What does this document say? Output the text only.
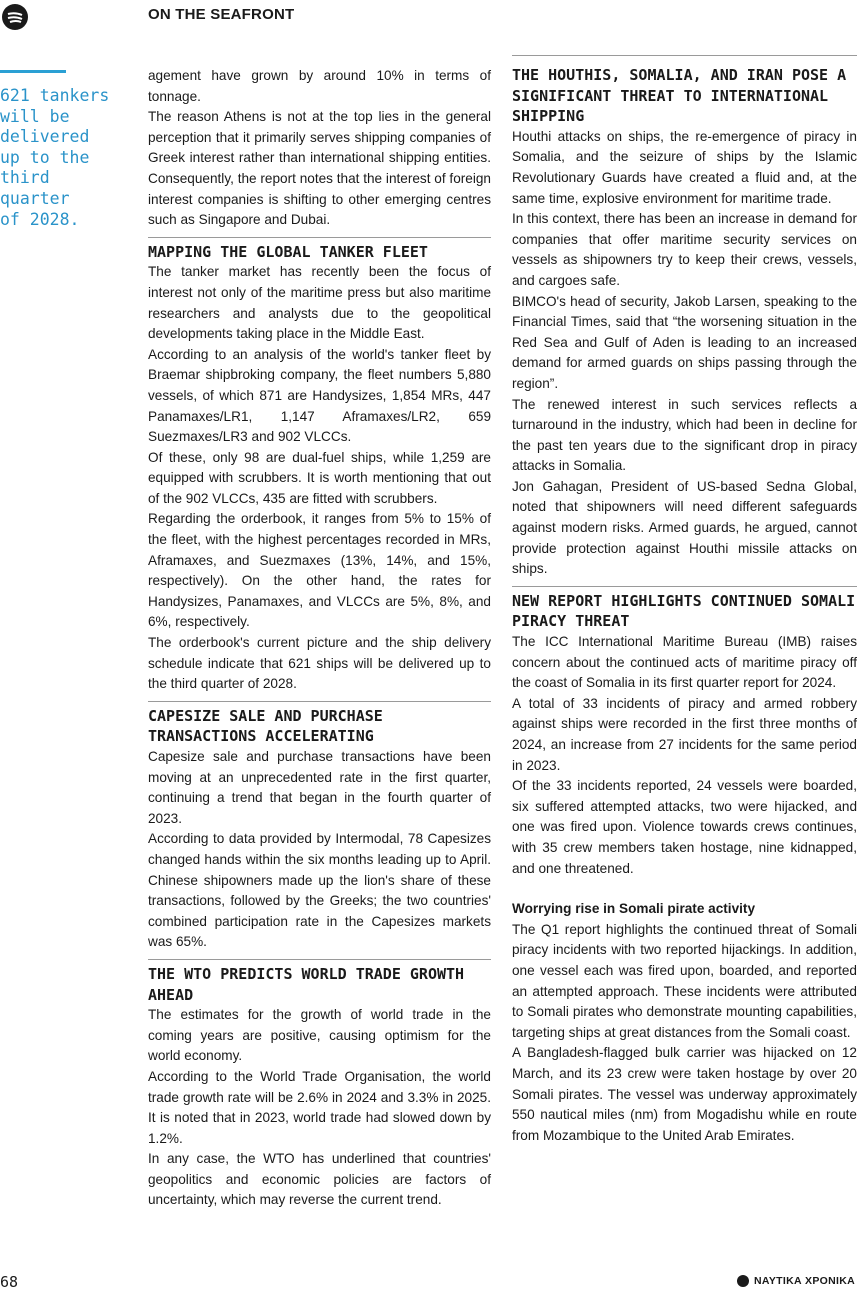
ON THE SEAFRONT
621 tankers
will be
delivered
up to the
third
quarter
of 2028.

agement have grown by around 10% in terms of tonnage.

The reason Athens is not at the top lies in the general perception that it primarily serves shipping companies of Greek interest rather than international shipping entities. Consequently, the report notes that the interest of foreign interest companies is shifting to other emerging centres such as Singapore and Dubai.

MAPPING THE GLOBAL TANKER FLEET

The tanker market has recently been the focus of interest not only of the maritime press but also maritime researchers and analysts due to the geopolitical developments taking place in the Middle East.

According to an analysis of the world's tanker fleet by Braemar shipbroking company, the fleet numbers 5,880 vessels, of which 871 are Handysizes, 1,854 MRs, 447 Panamaxes/LR1, 1,147 Aframaxes/LR2, 659 Suezmaxes/LR3 and 902 VLCCs.

Of these, only 98 are dual-fuel ships, while 1,259 are equipped with scrubbers. It is worth mentioning that out of the 902 VLCCs, 435 are fitted with scrubbers.

Regarding the orderbook, it ranges from 5% to 15% of the fleet, with the highest percentages recorded in MRs, Aframaxes, and Suezmaxes (13%, 14%, and 15%, respectively). On the other hand, the rates for Handysizes, Panamaxes, and VLCCs are 5%, 8%, and 6%, respectively.

The orderbook's current picture and the ship delivery schedule indicate that 621 ships will be delivered up to the third quarter of 2028.

CAPESIZE SALE AND PURCHASE TRANSACTIONS ACCELERATING

Capesize sale and purchase transactions have been moving at an unprecedented rate in the first quarter, continuing a trend that began in the fourth quarter of 2023.

According to data provided by Intermodal, 78 Capesizes changed hands within the six months leading up to April. Chinese shipowners made up the lion's share of these transactions, followed by the Greeks; the two countries' combined participation rate in the Capesizes markets was 65%.

THE WTO PREDICTS WORLD TRADE GROWTH AHEAD

The estimates for the growth of world trade in the coming years are positive, causing optimism for the world economy.

According to the World Trade Organisation, the world trade growth rate will be 2.6% in 2024 and 3.3% in 2025. It is noted that in 2023, world trade had slowed down by 1.2%.

In any case, the WTO has underlined that countries' geopolitics and economic policies are factors of uncertainty, which may reverse the current trend.

THE HOUTHIS, SOMALIA, AND IRAN POSE A SIGNIFICANT THREAT TO INTERNATIONAL SHIPPING

Houthi attacks on ships, the re-emergence of piracy in Somalia, and the seizure of ships by the Islamic Revolutionary Guards have created a fluid and, at the same time, explosive environment for maritime trade.

In this context, there has been an increase in demand for companies that offer maritime security services on vessels as shipowners try to keep their crews, vessels, and cargoes safe.

BIMCO's head of security, Jakob Larsen, speaking to the Financial Times, said that “the worsening situation in the Red Sea and Gulf of Aden is leading to an increased demand for armed guards on ships passing through the region”.

The renewed interest in such services reflects a turnaround in the industry, which had been in decline for the past ten years due to the significant drop in piracy attacks in Somalia.

Jon Gahagan, President of US-based Sedna Global, noted that shipowners will need different safeguards against modern risks. Armed guards, he argued, cannot provide protection against Houthi missile attacks on ships.

NEW REPORT HIGHLIGHTS CONTINUED SOMALI PIRACY THREAT

The ICC International Maritime Bureau (IMB) raises concern about the continued acts of maritime piracy off the coast of Somalia in its first quarter report for 2024.

A total of 33 incidents of piracy and armed robbery against ships were recorded in the first three months of 2024, an increase from 27 incidents for the same period in 2023.

Of the 33 incidents reported, 24 vessels were boarded, six suffered attempted attacks, two were hijacked, and one was fired upon. Violence towards crews continues, with 35 crew members taken hostage, nine kidnapped, and one threatened.

Worrying rise in Somali pirate activity

The Q1 report highlights the continued threat of Somali piracy incidents with two reported hijackings. In addition, one vessel each was fired upon, boarded, and reported an attempted approach. These incidents were attributed to Somali pirates who demonstrate mounting capabilities, targeting ships at great distances from the Somali coast.

A Bangladesh-flagged bulk carrier was hijacked on 12 March, and its 23 crew were taken hostage by over 20 Somali pirates. The vessel was underway approximately 550 nautical miles (nm) from Mogadishu while en route from Mozambique to the United Arab Emirates.

68	ΝΑΥΤΙΚΑ ΧΡΟΝΙΚΑ
